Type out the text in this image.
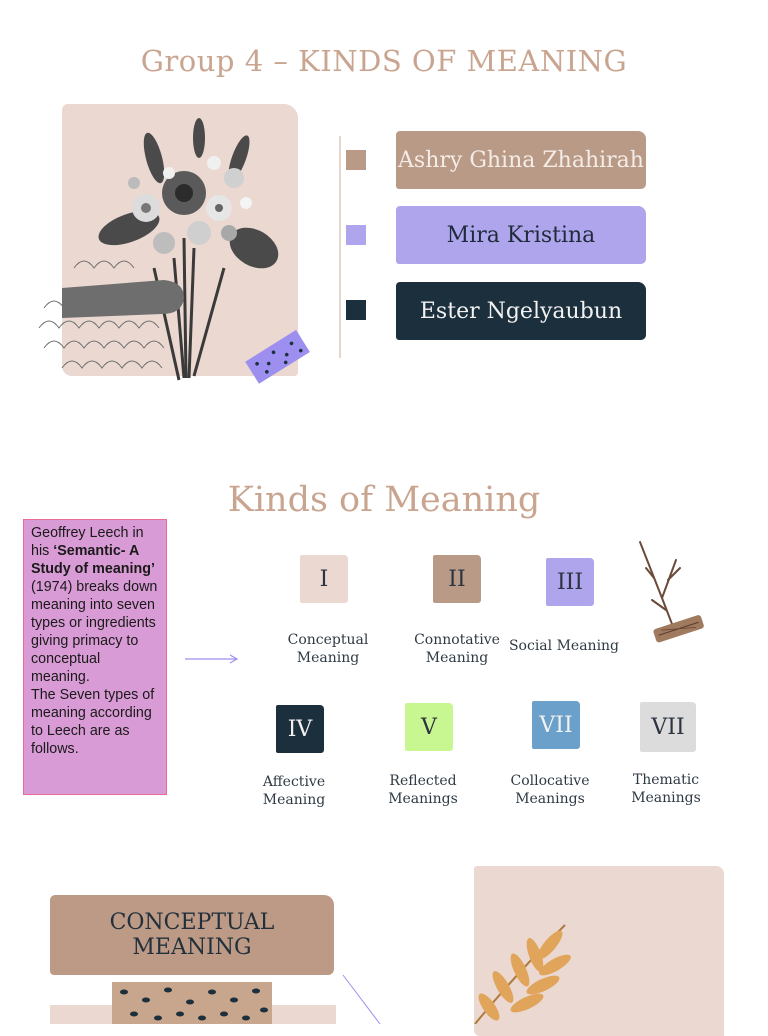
Group 4 – KINDS OF MEANING
Ashry Ghina Zhahirah
Mira Kristina
Ester Ngelyaubun
Kinds of Meaning
Geoffrey Leech in his ‘Semantic- A Study of meaning’ (1974) breaks down meaning into seven types or ingredients giving primacy to conceptual meaning.
The Seven types of meaning according to Leech are as follows.
I	II	III
Conceptual Meaning
Connotative Meaning
Social Meaning
IV	V	VII	VII
Affective Meaning
Reflected Meanings
Collocative Meanings
Thematic Meanings
CONCEPTUAL MEANING
